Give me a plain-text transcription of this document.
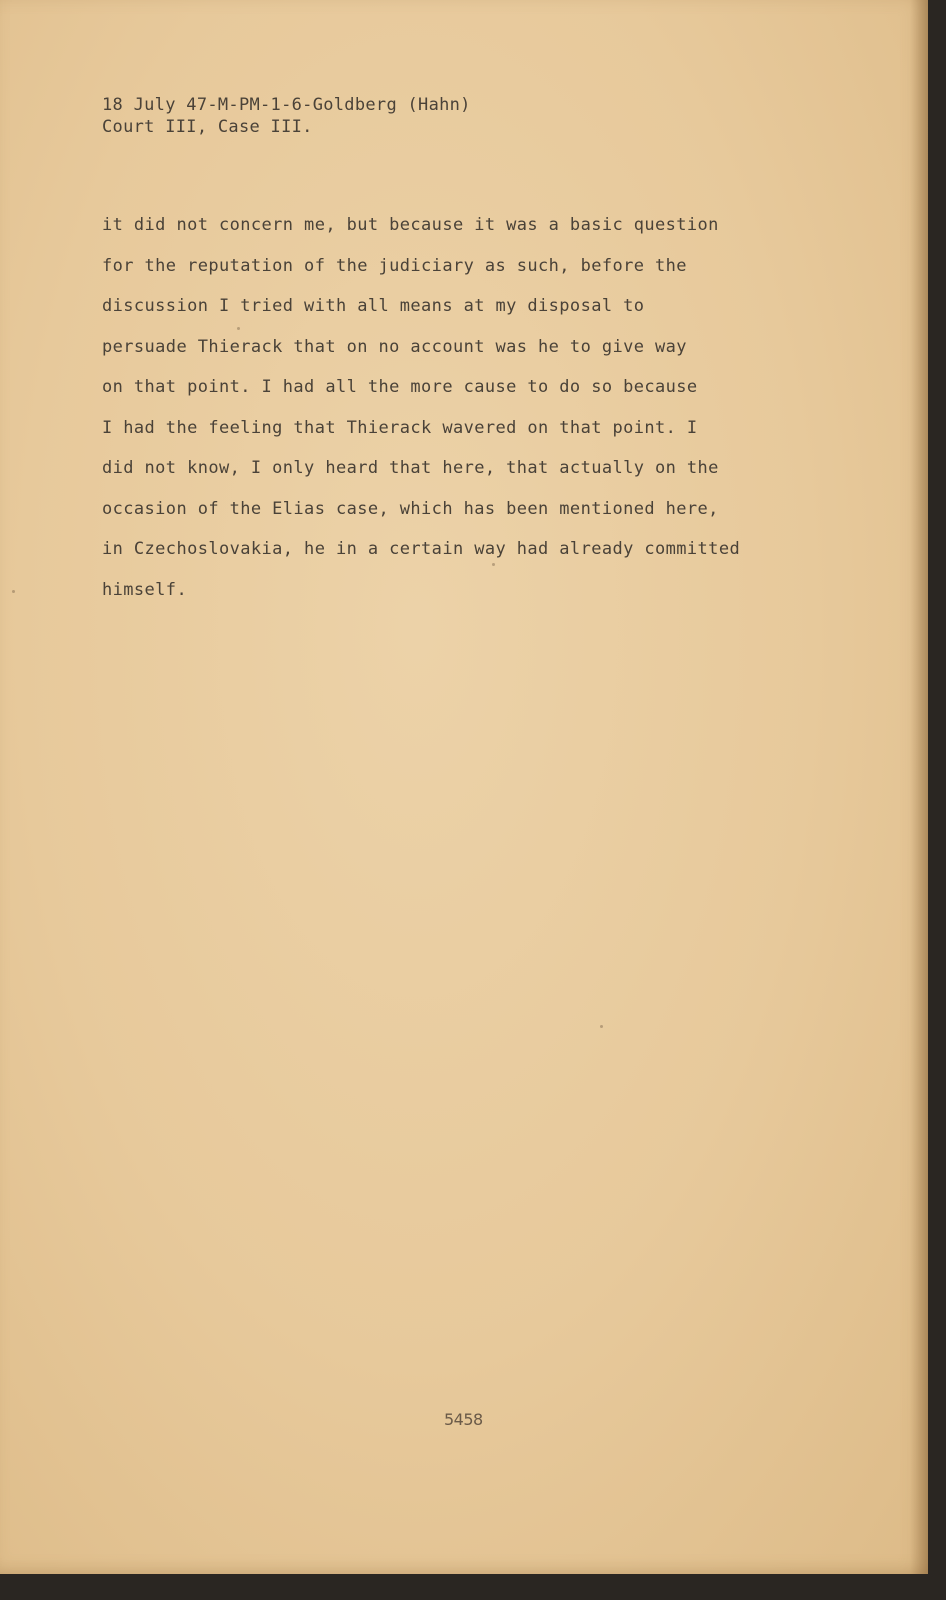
18 July 47-M-PM-1-6-Goldberg (Hahn)
Court III, Case III.
it did not concern me, but because it was a basic question
for the reputation of the judiciary as such, before the
discussion I tried with all means at my disposal to
persuade Thierack that on no account was he to give way
on that point. I had all the more cause to do so because
I had the feeling that Thierack wavered on that point. I
did not know, I only heard that here, that actually on the
occasion of the Elias case, which has been mentioned here,
in Czechoslovakia, he in a certain way had already committed
himself.
5458
